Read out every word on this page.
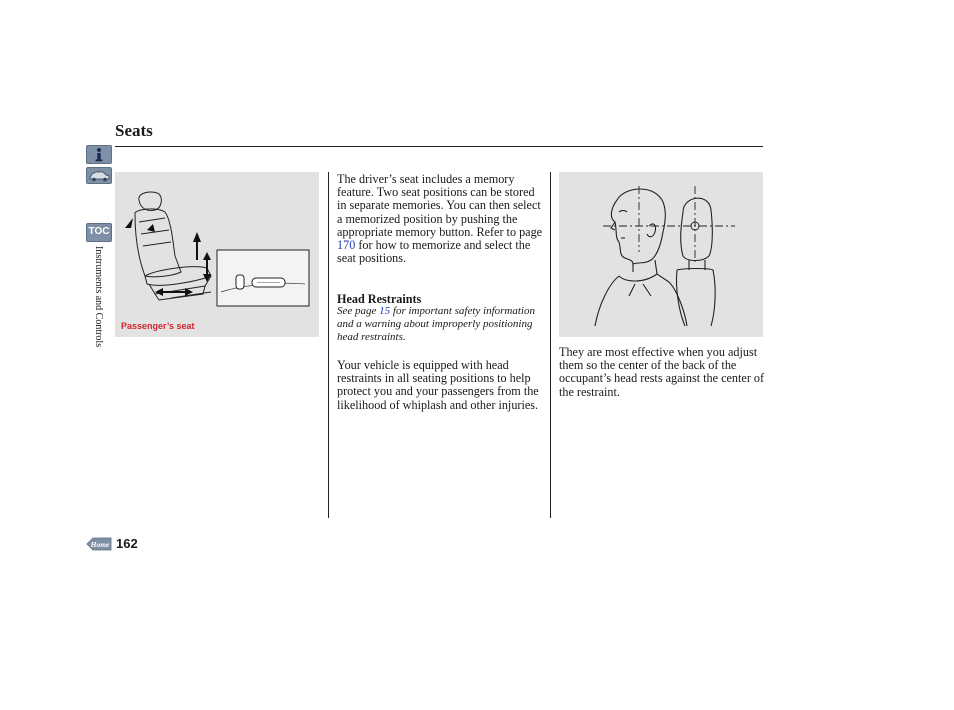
Seats
TOC
Instruments and Controls Passenger’s seat
The driver’s seat includes a memory feature. Two seat positions can be stored in separate memories. You can then select a memorized position by pushing the appropriate memory button. Refer to page 170 for how to memorize and select the seat positions.
Head Restraints
See page 15 for important safety information and a warning about improperly positioning head restraints.
Your vehicle is equipped with head restraints in all seating positions to help protect you and your passengers from the likelihood of whiplash and other injuries.
They are most effective when you adjust them so the center of the back of the occupant’s head rests against the center of the restraint.
Home 162
